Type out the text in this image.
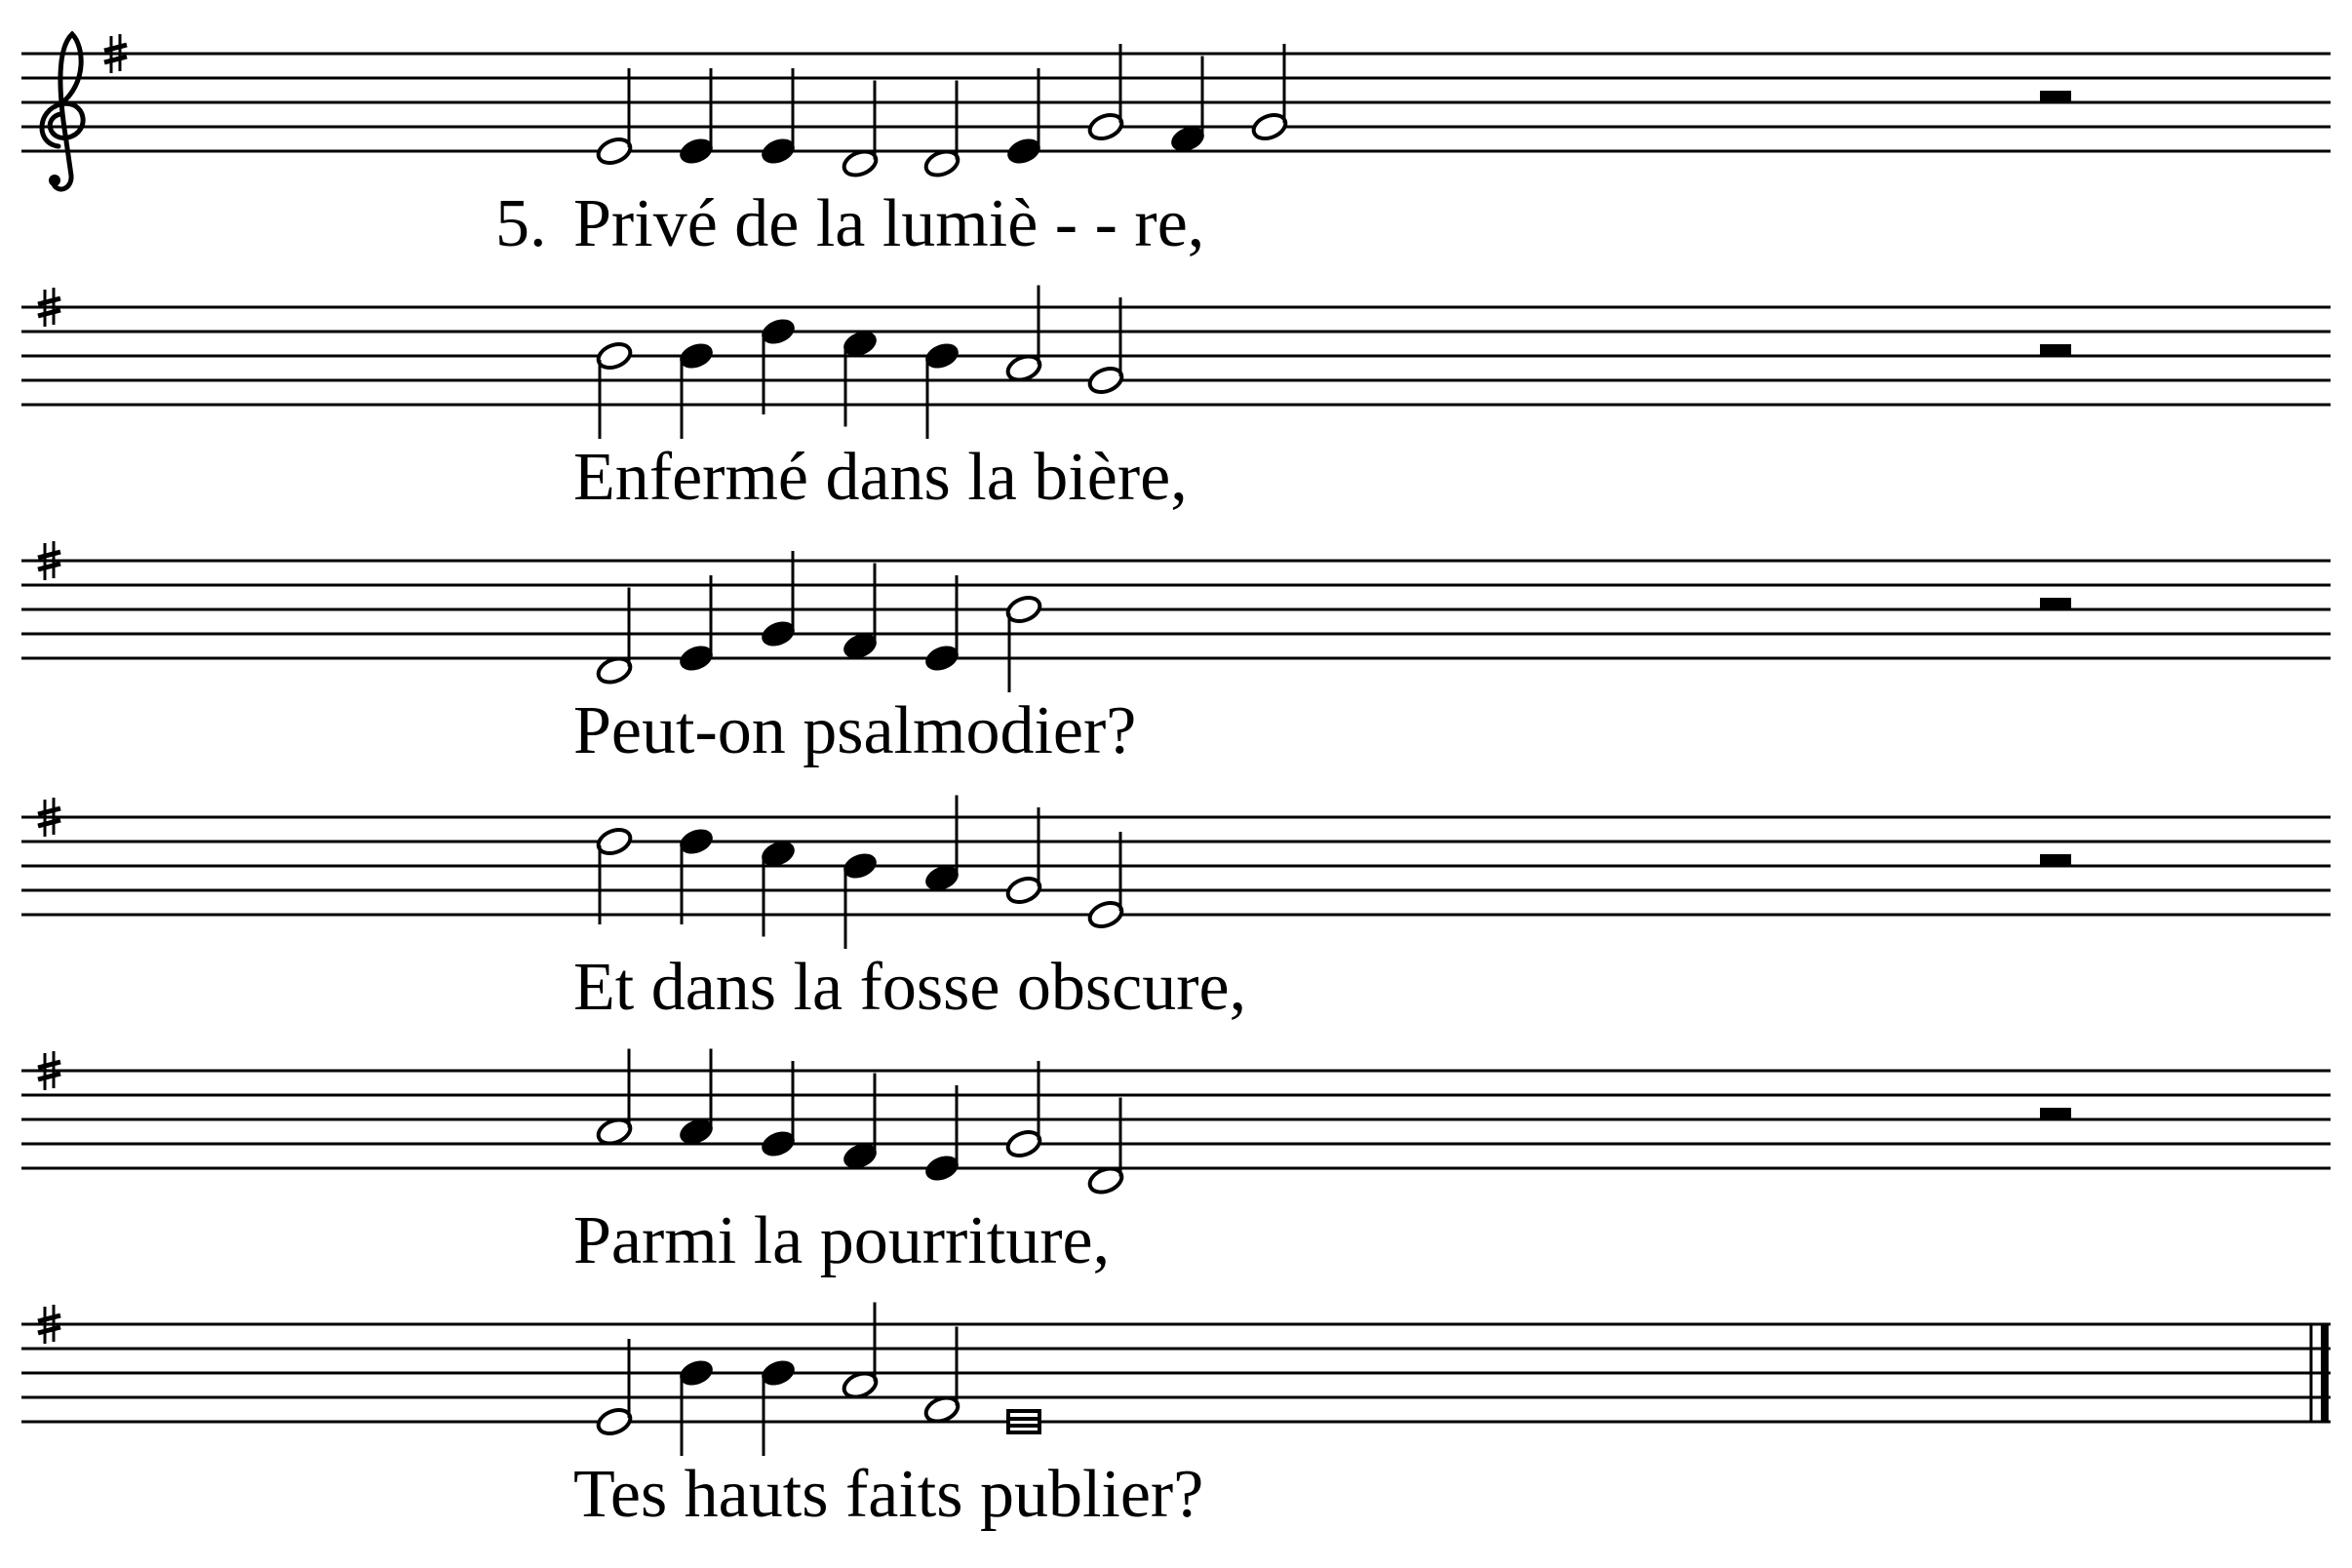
Privé de la lumiè - - re,
5.
Enfermé dans la bière,
Peut-on psalmodier?
Et dans la fosse obscure,
Parmi la pourriture,
Tes hauts faits publier?
